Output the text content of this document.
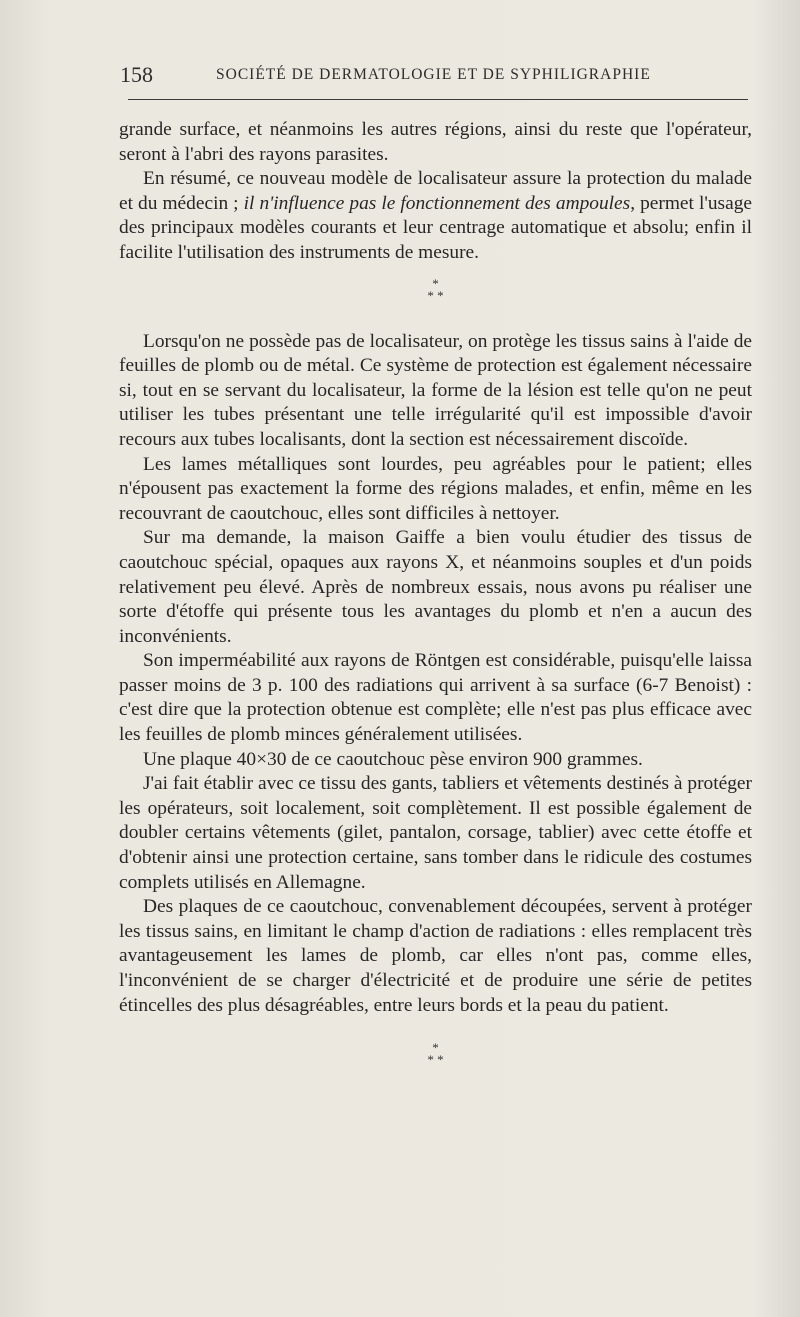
158	SOCIÉTÉ DE DERMATOLOGIE ET DE SYPHILIGRAPHIE

grande surface, et néanmoins les autres régions, ainsi du reste que l'opérateur, seront à l'abri des rayons parasites.

En résumé, ce nouveau modèle de localisateur assure la protection du malade et du médecin ; il n'influence pas le fonctionnement des ampoules, permet l'usage des principaux modèles courants et leur centrage automatique et absolu; enfin il facilite l'utilisation des instruments de mesure.

*
* *

Lorsqu'on ne possède pas de localisateur, on protège les tissus sains à l'aide de feuilles de plomb ou de métal. Ce système de protection est également nécessaire si, tout en se servant du localisateur, la forme de la lésion est telle qu'on ne peut utiliser les tubes présentant une telle irrégularité qu'il est impossible d'avoir recours aux tubes localisants, dont la section est nécessairement discoïde.

Les lames métalliques sont lourdes, peu agréables pour le patient; elles n'épousent pas exactement la forme des régions malades, et enfin, même en les recouvrant de caoutchouc, elles sont difficiles à nettoyer.

Sur ma demande, la maison Gaiffe a bien voulu étudier des tissus de caoutchouc spécial, opaques aux rayons X, et néanmoins souples et d'un poids relativement peu élevé. Après de nombreux essais, nous avons pu réaliser une sorte d'étoffe qui présente tous les avantages du plomb et n'en a aucun des inconvénients.

Son imperméabilité aux rayons de Röntgen est considérable, puisqu'elle laissa passer moins de 3 p. 100 des radiations qui arrivent à sa surface (6-7 Benoist) : c'est dire que la protection obtenue est complète; elle n'est pas plus efficace avec les feuilles de plomb minces généralement utilisées.

Une plaque 40×30 de ce caoutchouc pèse environ 900 grammes.

J'ai fait établir avec ce tissu des gants, tabliers et vêtements destinés à protéger les opérateurs, soit localement, soit complètement. Il est possible également de doubler certains vêtements (gilet, pantalon, corsage, tablier) avec cette étoffe et d'obtenir ainsi une protection certaine, sans tomber dans le ridicule des costumes complets utilisés en Allemagne.

Des plaques de ce caoutchouc, convenablement découpées, servent à protéger les tissus sains, en limitant le champ d'action de radiations : elles remplacent très avantageusement les lames de plomb, car elles n'ont pas, comme elles, l'inconvénient de se charger d'électricité et de produire une série de petites étincelles des plus désagréables, entre leurs bords et la peau du patient.

*
* *
